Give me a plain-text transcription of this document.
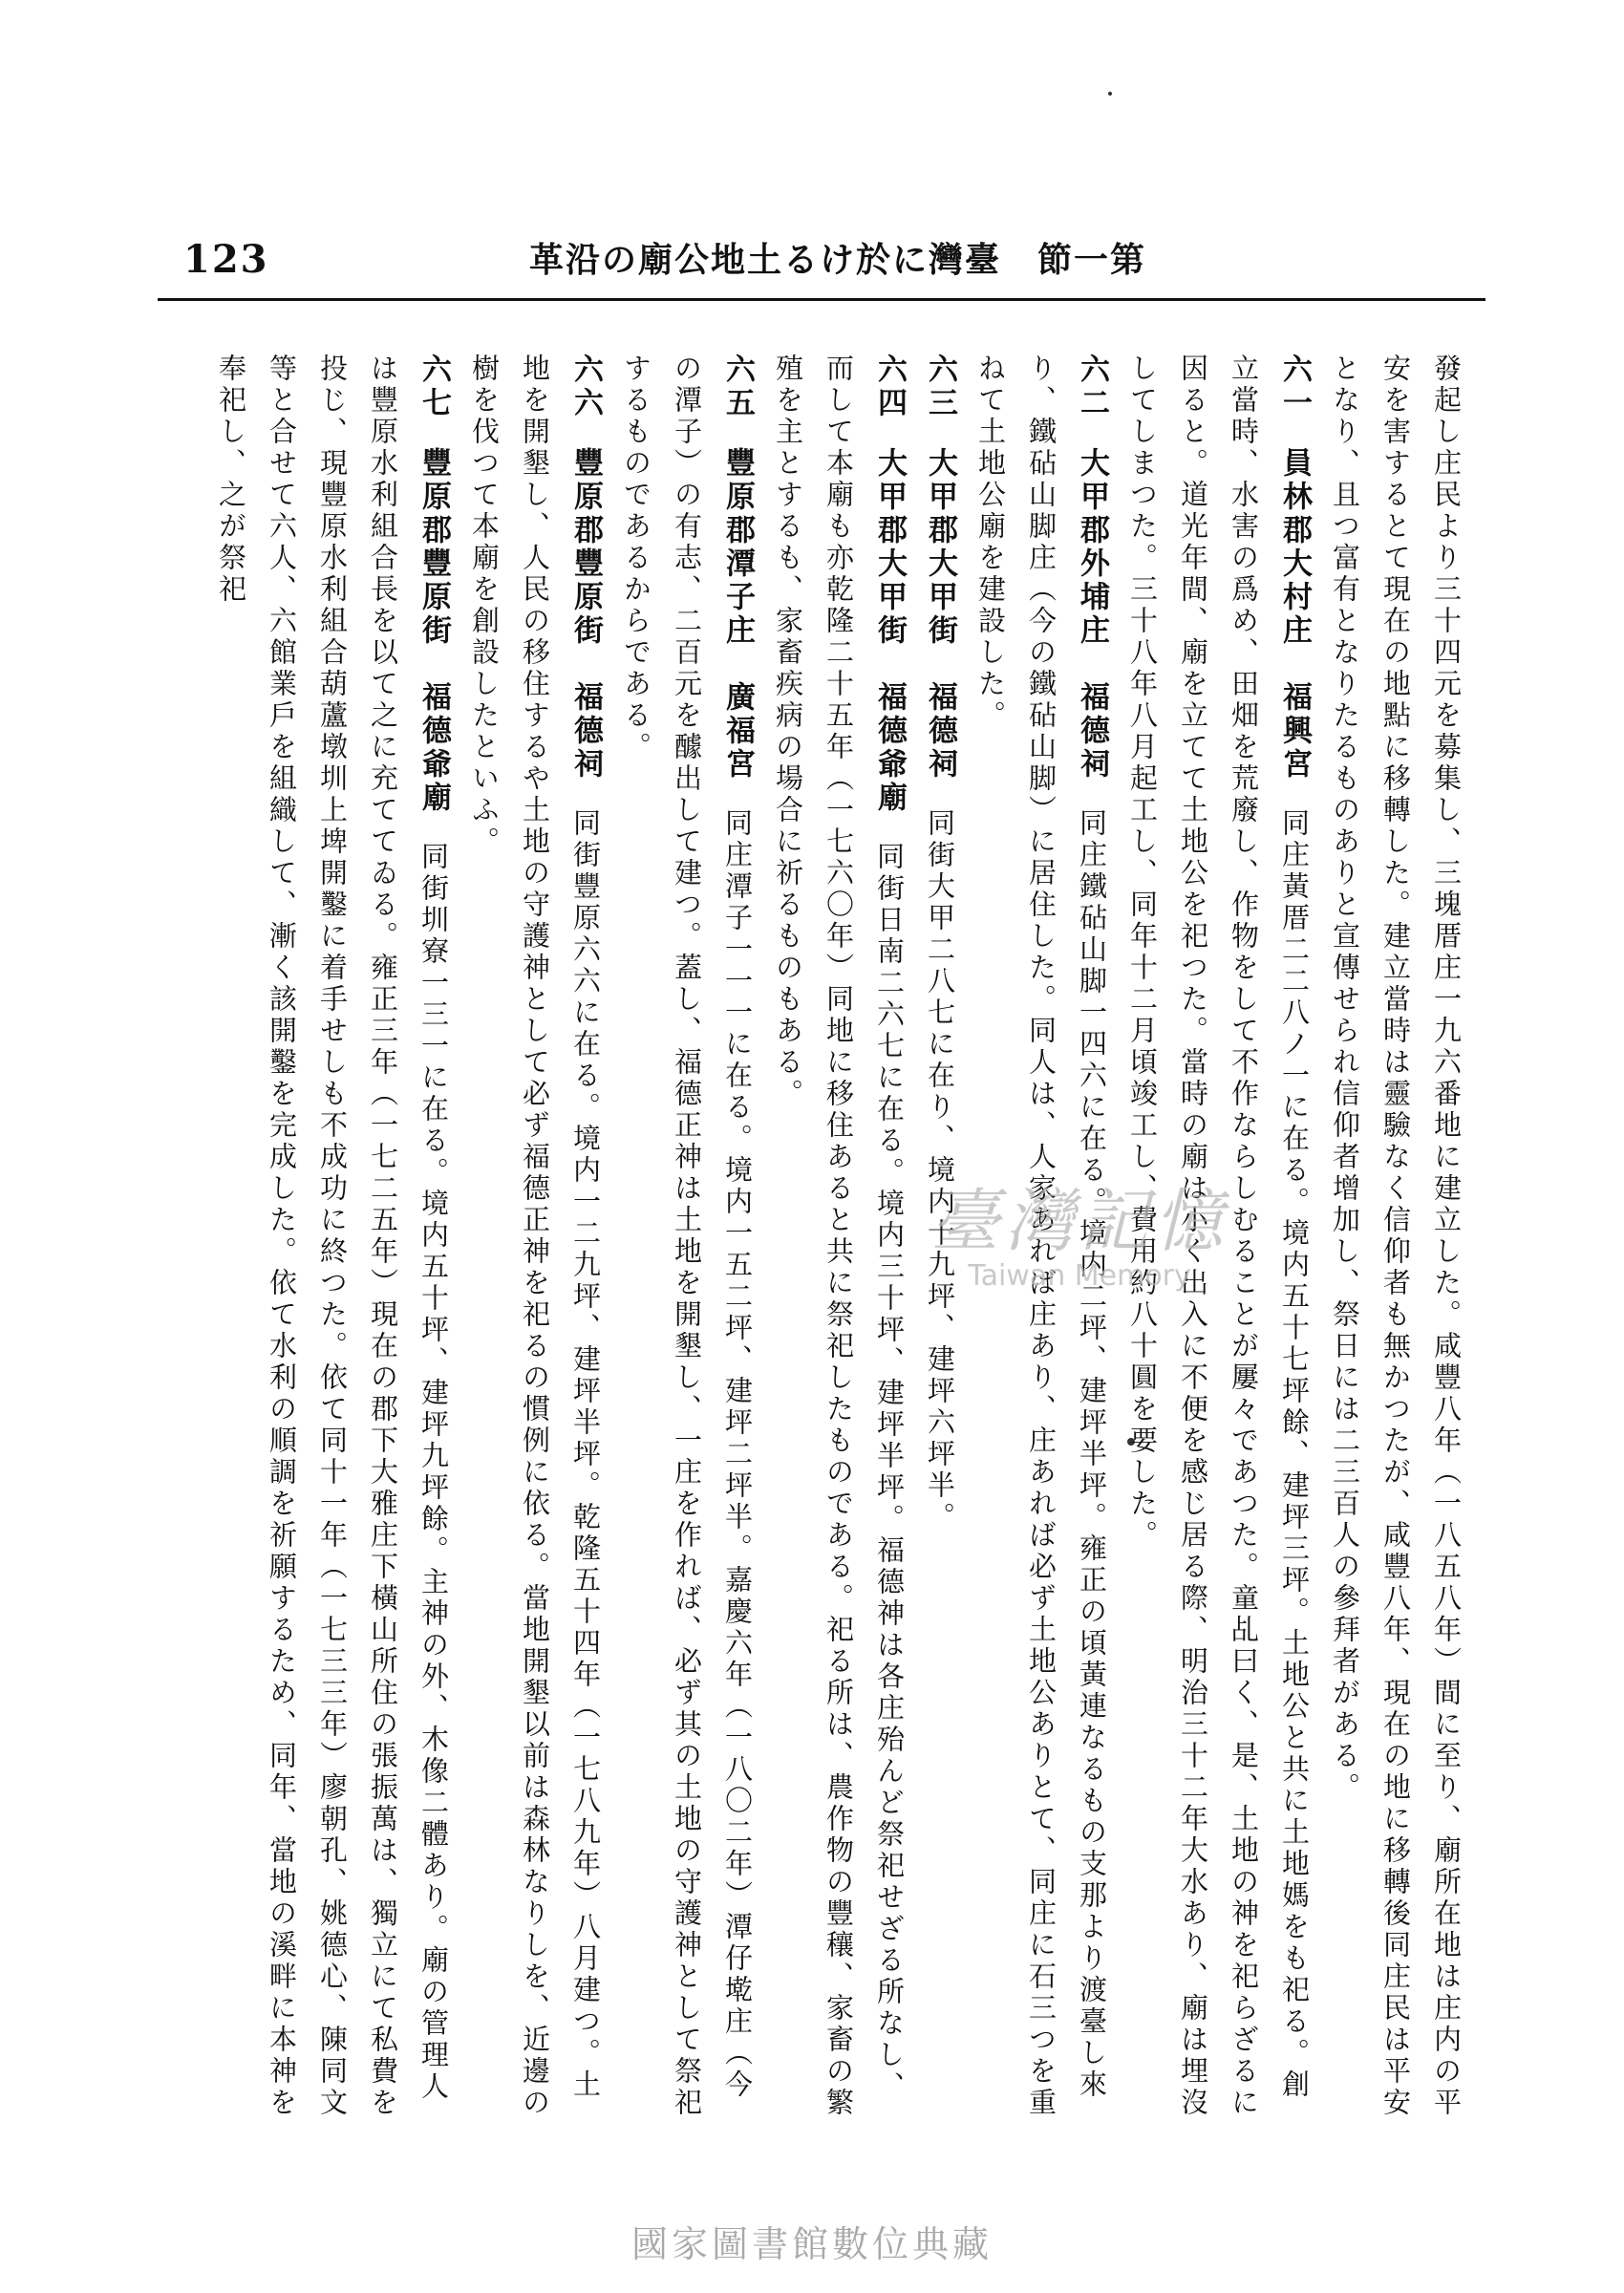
123	第一節　臺灣に於ける土地公廟の沿革

發起し庄民より三十四元を募集し、三塊厝庄一九六番地に建立した。咸豐八年（一八五八年）間に至り、廟所在地は庄内の平安を害するとて現在の地點に移轉した。建立當時は靈驗なく信仰者も無かつたが、咸豐八年、現在の地に移轉後同庄民は平安となり、且つ富有となりたるものありと宣傳せられ信仰者增加し、祭日には二三百人の參拜者がある。

六一員林郡大村庄　福興宮同庄黃厝二二八ノ一に在る。境内五十七坪餘、建坪三坪。土地公と共に土地媽をも祀る。創立當時、水害の爲め、田畑を荒廢し、作物をして不作ならしむることが屢々であつた。童乩曰く、是、土地の神を祀らざるに因ると。道光年間、廟を立てて土地公を祀つた。當時の廟は小く出入に不便を感じ居る際、明治三十二年大水あり、廟は埋沒してしまつた。三十八年八月起工し、同年十二月頃竣工し、費用約八十圓を要した。

六二大甲郡外埔庄　福德祠同庄鐵砧山脚一四六に在る。境内二坪、建坪半坪。雍正の頃黃連なるもの支那より渡臺し來り、鐵砧山脚庄（今の鐵砧山脚）に居住した。同人は、人家あれば庄あり、庄あれば必ず土地公ありとて、同庄に石三つを重ねて土地公廟を建設した。

六三大甲郡大甲街　福德祠同街大甲二八七に在り、境内十九坪、建坪六坪半。

六四大甲郡大甲街　福德爺廟同街日南二六七に在る。境内三十坪、建坪半坪。福德神は各庄殆んど祭祀せざる所なし、而して本廟も亦乾隆二十五年（一七六〇年）同地に移住あると共に祭祀したものである。祀る所は、農作物の豐穰、家畜の繁殖を主とするも、家畜疾病の場合に祈るものもある。

六五豐原郡潭子庄　廣福宮同庄潭子一一一に在る。境内一五二坪、建坪二坪半。嘉慶六年（一八〇二年）潭仔墘庄（今の潭子）の有志、二百元を醵出して建つ。蓋し、福德正神は土地を開墾し、一庄を作れば、必ず其の土地の守護神として祭祀するものであるからである。

六六豐原郡豐原街　福德祠同街豐原六六に在る。境内一二九坪、建坪半坪。乾隆五十四年（一七八九年）八月建つ。土地を開墾し、人民の移住するや土地の守護神として必ず福德正神を祀るの慣例に依る。當地開墾以前は森林なりしを、近邊の樹を伐つて本廟を創設したといふ。

六七豐原郡豐原街　福德爺廟同街圳寮一三一に在る。境内五十坪、建坪九坪餘。主神の外、木像二體あり。廟の管理人は豐原水利組合長を以て之に充ててゐる。雍正三年（一七二五年）現在の郡下大雅庄下橫山所住の張振萬は、獨立にて私費を投じ、現豐原水利組合葫蘆墩圳上埤開鑿に着手せしも不成功に終つた。依て同十一年（一七三三年）廖朝孔、姚德心、陳同文等と合せて六人、六館業戶を組織して、漸く該開鑿を完成した。依て水利の順調を祈願するため、同年、當地の溪畔に本神を奉祀し、之が祭祀

臺灣記憶
Taiwan Memory
國家圖書館數位典藏
